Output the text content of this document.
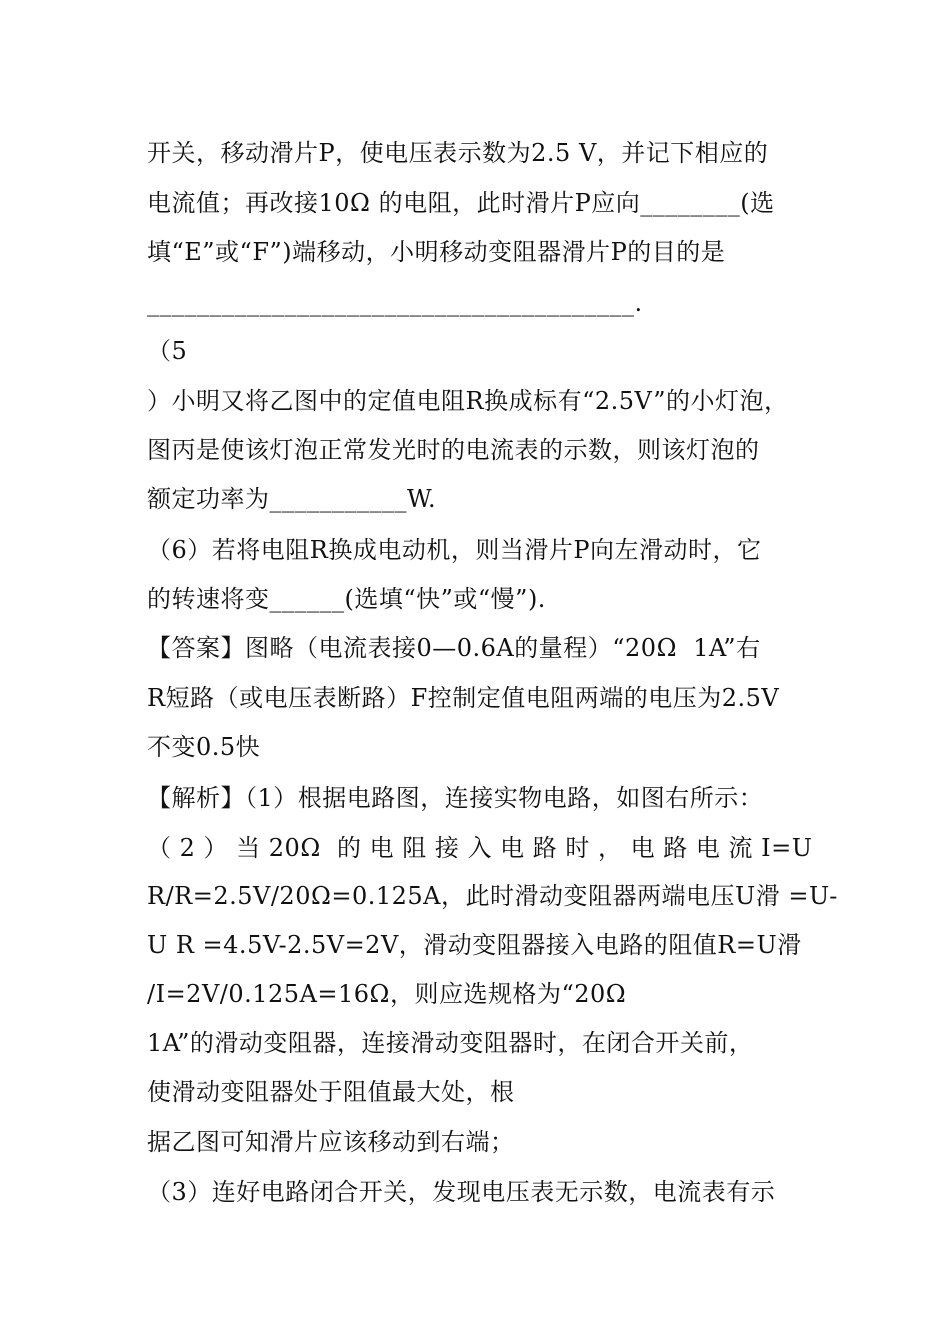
开关，移动滑片P，使电压表示数为2.5 V，并记下相应的
电流值；再改接10Ω 的电阻，此时滑片P应向________(选
填“E”或“F”)端移动，小明移动变阻器滑片P的目的是
_______________________________________.
（5
）小明又将乙图中的定值电阻R换成标有“2.5V”的小灯泡，
图丙是使该灯泡正常发光时的电流表的示数，则该灯泡的
额定功率为___________W.
（6）若将电阻R换成电动机，则当滑片P向左滑动时，它
的转速将变______(选填“快”或“慢”).
【答案】图略（电流表接0—0.6A的量程）“20Ω  1A”右
R短路（或电压表断路）F控制定值电阻两端的电压为2.5V
不变0.5快
【解析】（1）根据电路图，连接实物电路，如图右所示：
（ 2 ） 当 20Ω  的 电 阻 接 入 电 路 时 ， 电 路 电 流 I=U
R/R=2.5V/20Ω=0.125A，此时滑动变阻器两端电压U滑 =U-
U R =4.5V-2.5V=2V，滑动变阻器接入电路的阻值R=U滑
/I=2V/0.125A=16Ω，则应选规格为“20Ω
1A”的滑动变阻器，连接滑动变阻器时，在闭合开关前，
使滑动变阻器处于阻值最大处，根
据乙图可知滑片应该移动到右端；
（3）连好电路闭合开关，发现电压表无示数，电流表有示
